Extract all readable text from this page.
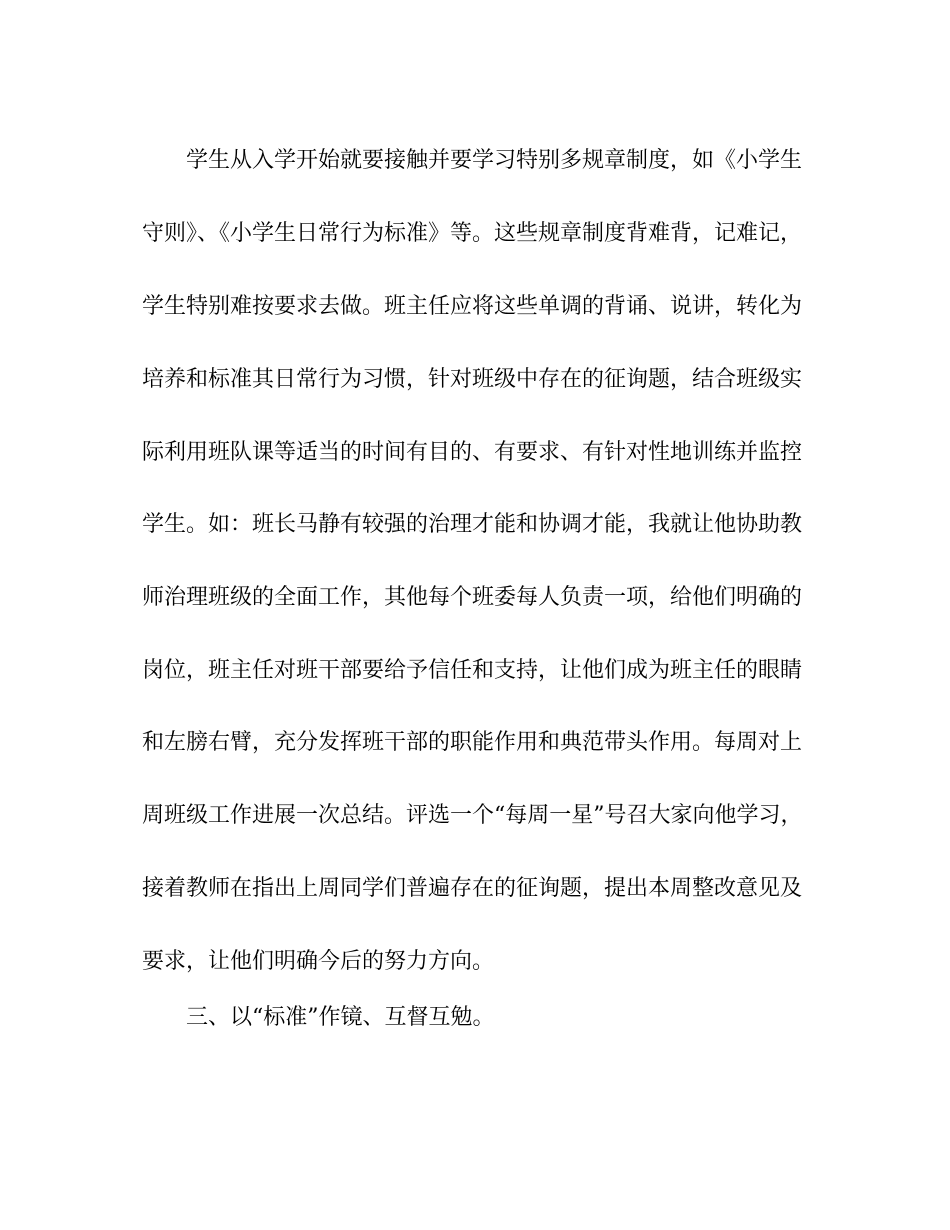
学生从入学开始就要接触并要学习特别多规章制度，如《小学生
守则》、《小学生日常行为标准》等。这些规章制度背难背，记难记，
学生特别难按要求去做。班主任应将这些单调的背诵、说讲，转化为
培养和标准其日常行为习惯，针对班级中存在的征询题，结合班级实
际利用班队课等适当的时间有目的、有要求、有针对性地训练并监控
学生。如：班长马静有较强的治理才能和协调才能，我就让他协助教
师治理班级的全面工作，其他每个班委每人负责一项，给他们明确的
岗位，班主任对班干部要给予信任和支持，让他们成为班主任的眼睛
和左膀右臂，充分发挥班干部的职能作用和典范带头作用。每周对上
周班级工作进展一次总结。评选一个“每周一星”号召大家向他学习，
接着教师在指出上周同学们普遍存在的征询题，提出本周整改意见及
要求，让他们明确今后的努力方向。
三、以“标准”作镜、互督互勉。
